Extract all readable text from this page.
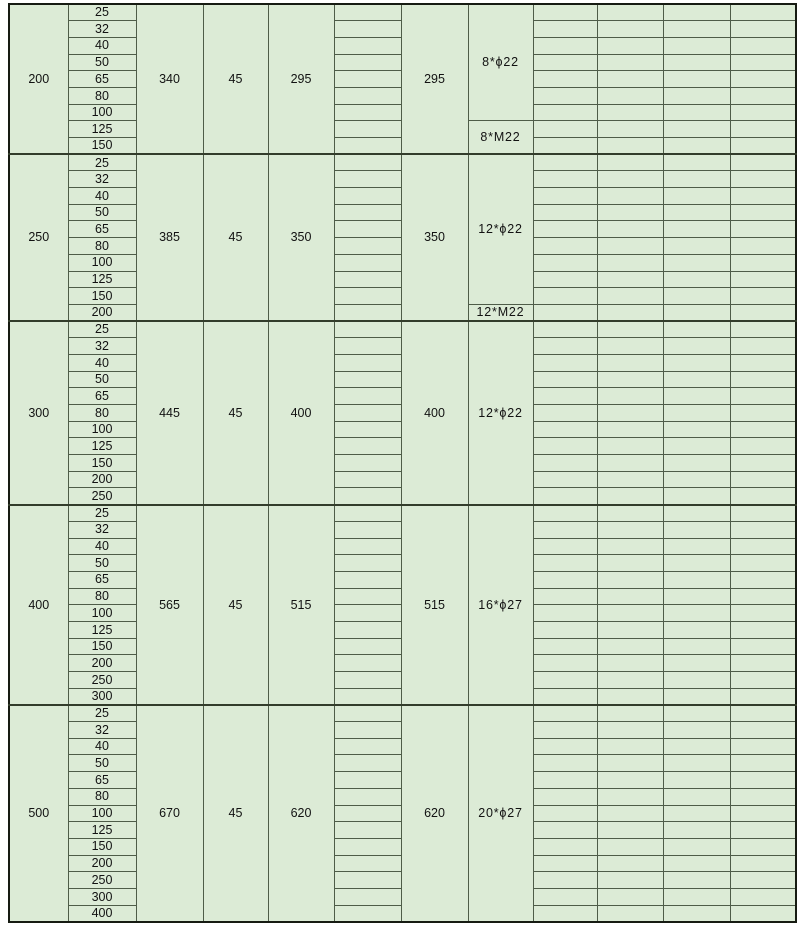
200	25	340	45	295		295	8*ϕ22				
	32										
	40										
	50										
	65										
	80										
	100										
	125						8*M22				
	150										
250	25	385	45	350		350	12*ϕ22				
	32										
	40										
	50										
	65										
	80										
	100										
	125										
	150										
	200						12*M22				
300	25	445	45	400		400	12*ϕ22				
	32										
	40										
	50										
	65										
	80										
	100										
	125										
	150										
	200										
	250										
400	25	565	45	515		515	16*ϕ27				
	32										
	40										
	50										
	65										
	80										
	100										
	125										
	150										
	200										
	250										
	300										
500	25	670	45	620		620	20*ϕ27				
	32										
	40										
	50										
	65										
	80										
	100										
	125										
	150										
	200										
	250										
	300										
	400										
